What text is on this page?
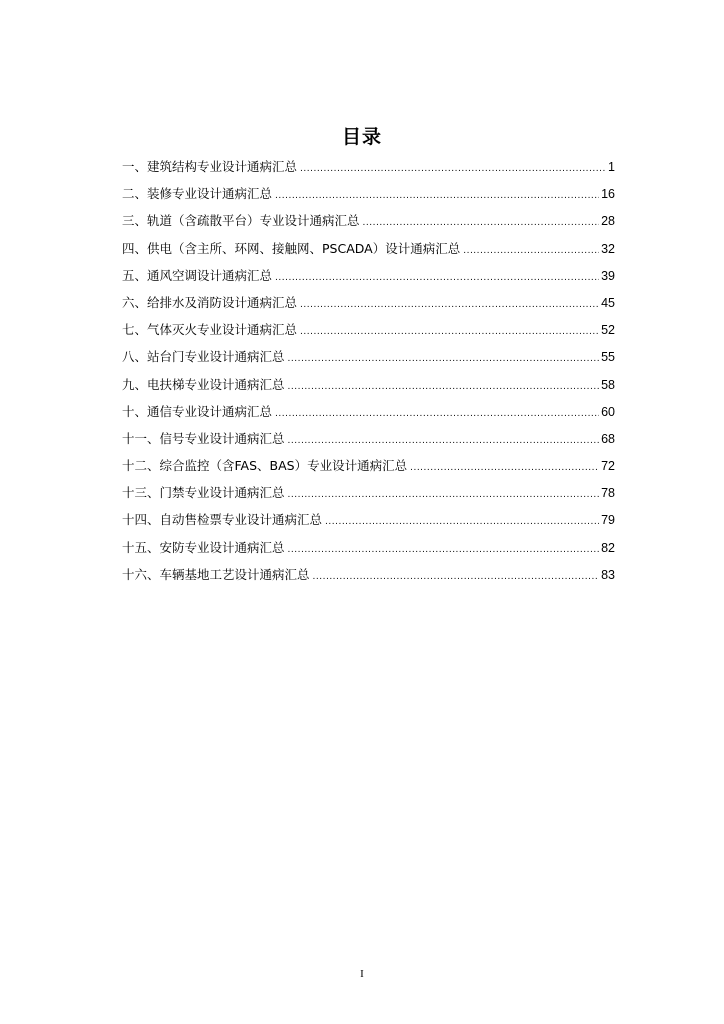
目录
一、建筑结构专业设计通病汇总 .....	1
二、装修专业设计通病汇总 .....	16
三、轨道（含疏散平台）专业设计通病汇总 .....	28
四、供电（含主所、环网、接触网、PSCADA）设计通病汇总 .....	32
五、通风空调设计通病汇总 .....	39
六、给排水及消防设计通病汇总 .....	45
七、气体灭火专业设计通病汇总 .....	52
八、站台门专业设计通病汇总 .....	55
九、电扶梯专业设计通病汇总 .....	58
十、通信专业设计通病汇总 .....	60
十一、信号专业设计通病汇总 .....	68
十二、综合监控（含FAS、BAS）专业设计通病汇总 .....	72
十三、门禁专业设计通病汇总 .....	78
十四、自动售检票专业设计通病汇总 .....	79
十五、安防专业设计通病汇总 .....	82
十六、车辆基地工艺设计通病汇总 .....	83
I
